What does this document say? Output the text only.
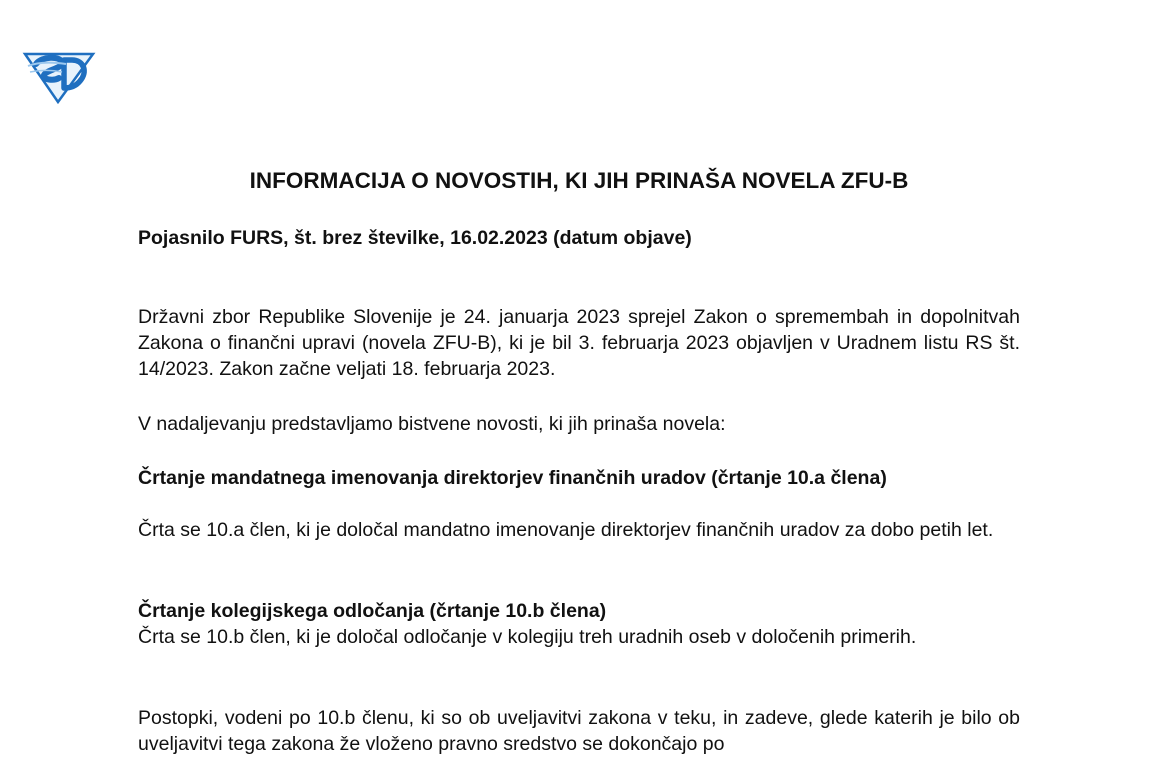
INFORMACIJA O NOVOSTIH, KI JIH PRINAŠA NOVELA ZFU-B

Pojasnilo FURS, št. brez številke, 16.02.2023 (datum objave)

Državni zbor Republike Slovenije je 24. januarja 2023 sprejel Zakon o spremembah in dopolnitvah Zakona o finančni upravi (novela ZFU-B), ki je bil 3. februarja 2023 objavljen v Uradnem listu RS št. 14/2023. Zakon začne veljati 18. februarja 2023.

V nadaljevanju predstavljamo bistvene novosti, ki jih prinaša novela:

Črtanje mandatnega imenovanja direktorjev finančnih uradov (črtanje 10.a člena)

Črta se 10.a člen, ki je določal mandatno imenovanje direktorjev finančnih uradov za dobo petih let.

Črtanje kolegijskega odločanja (črtanje 10.b člena)

Črta se 10.b člen, ki je določal odločanje v kolegiju treh uradnih oseb v določenih primerih.

Postopki, vodeni po 10.b členu, ki so ob uveljavitvi zakona v teku, in zadeve, glede katerih je bilo ob uveljavitvi tega zakona že vloženo pravno sredstvo se dokončajo po
